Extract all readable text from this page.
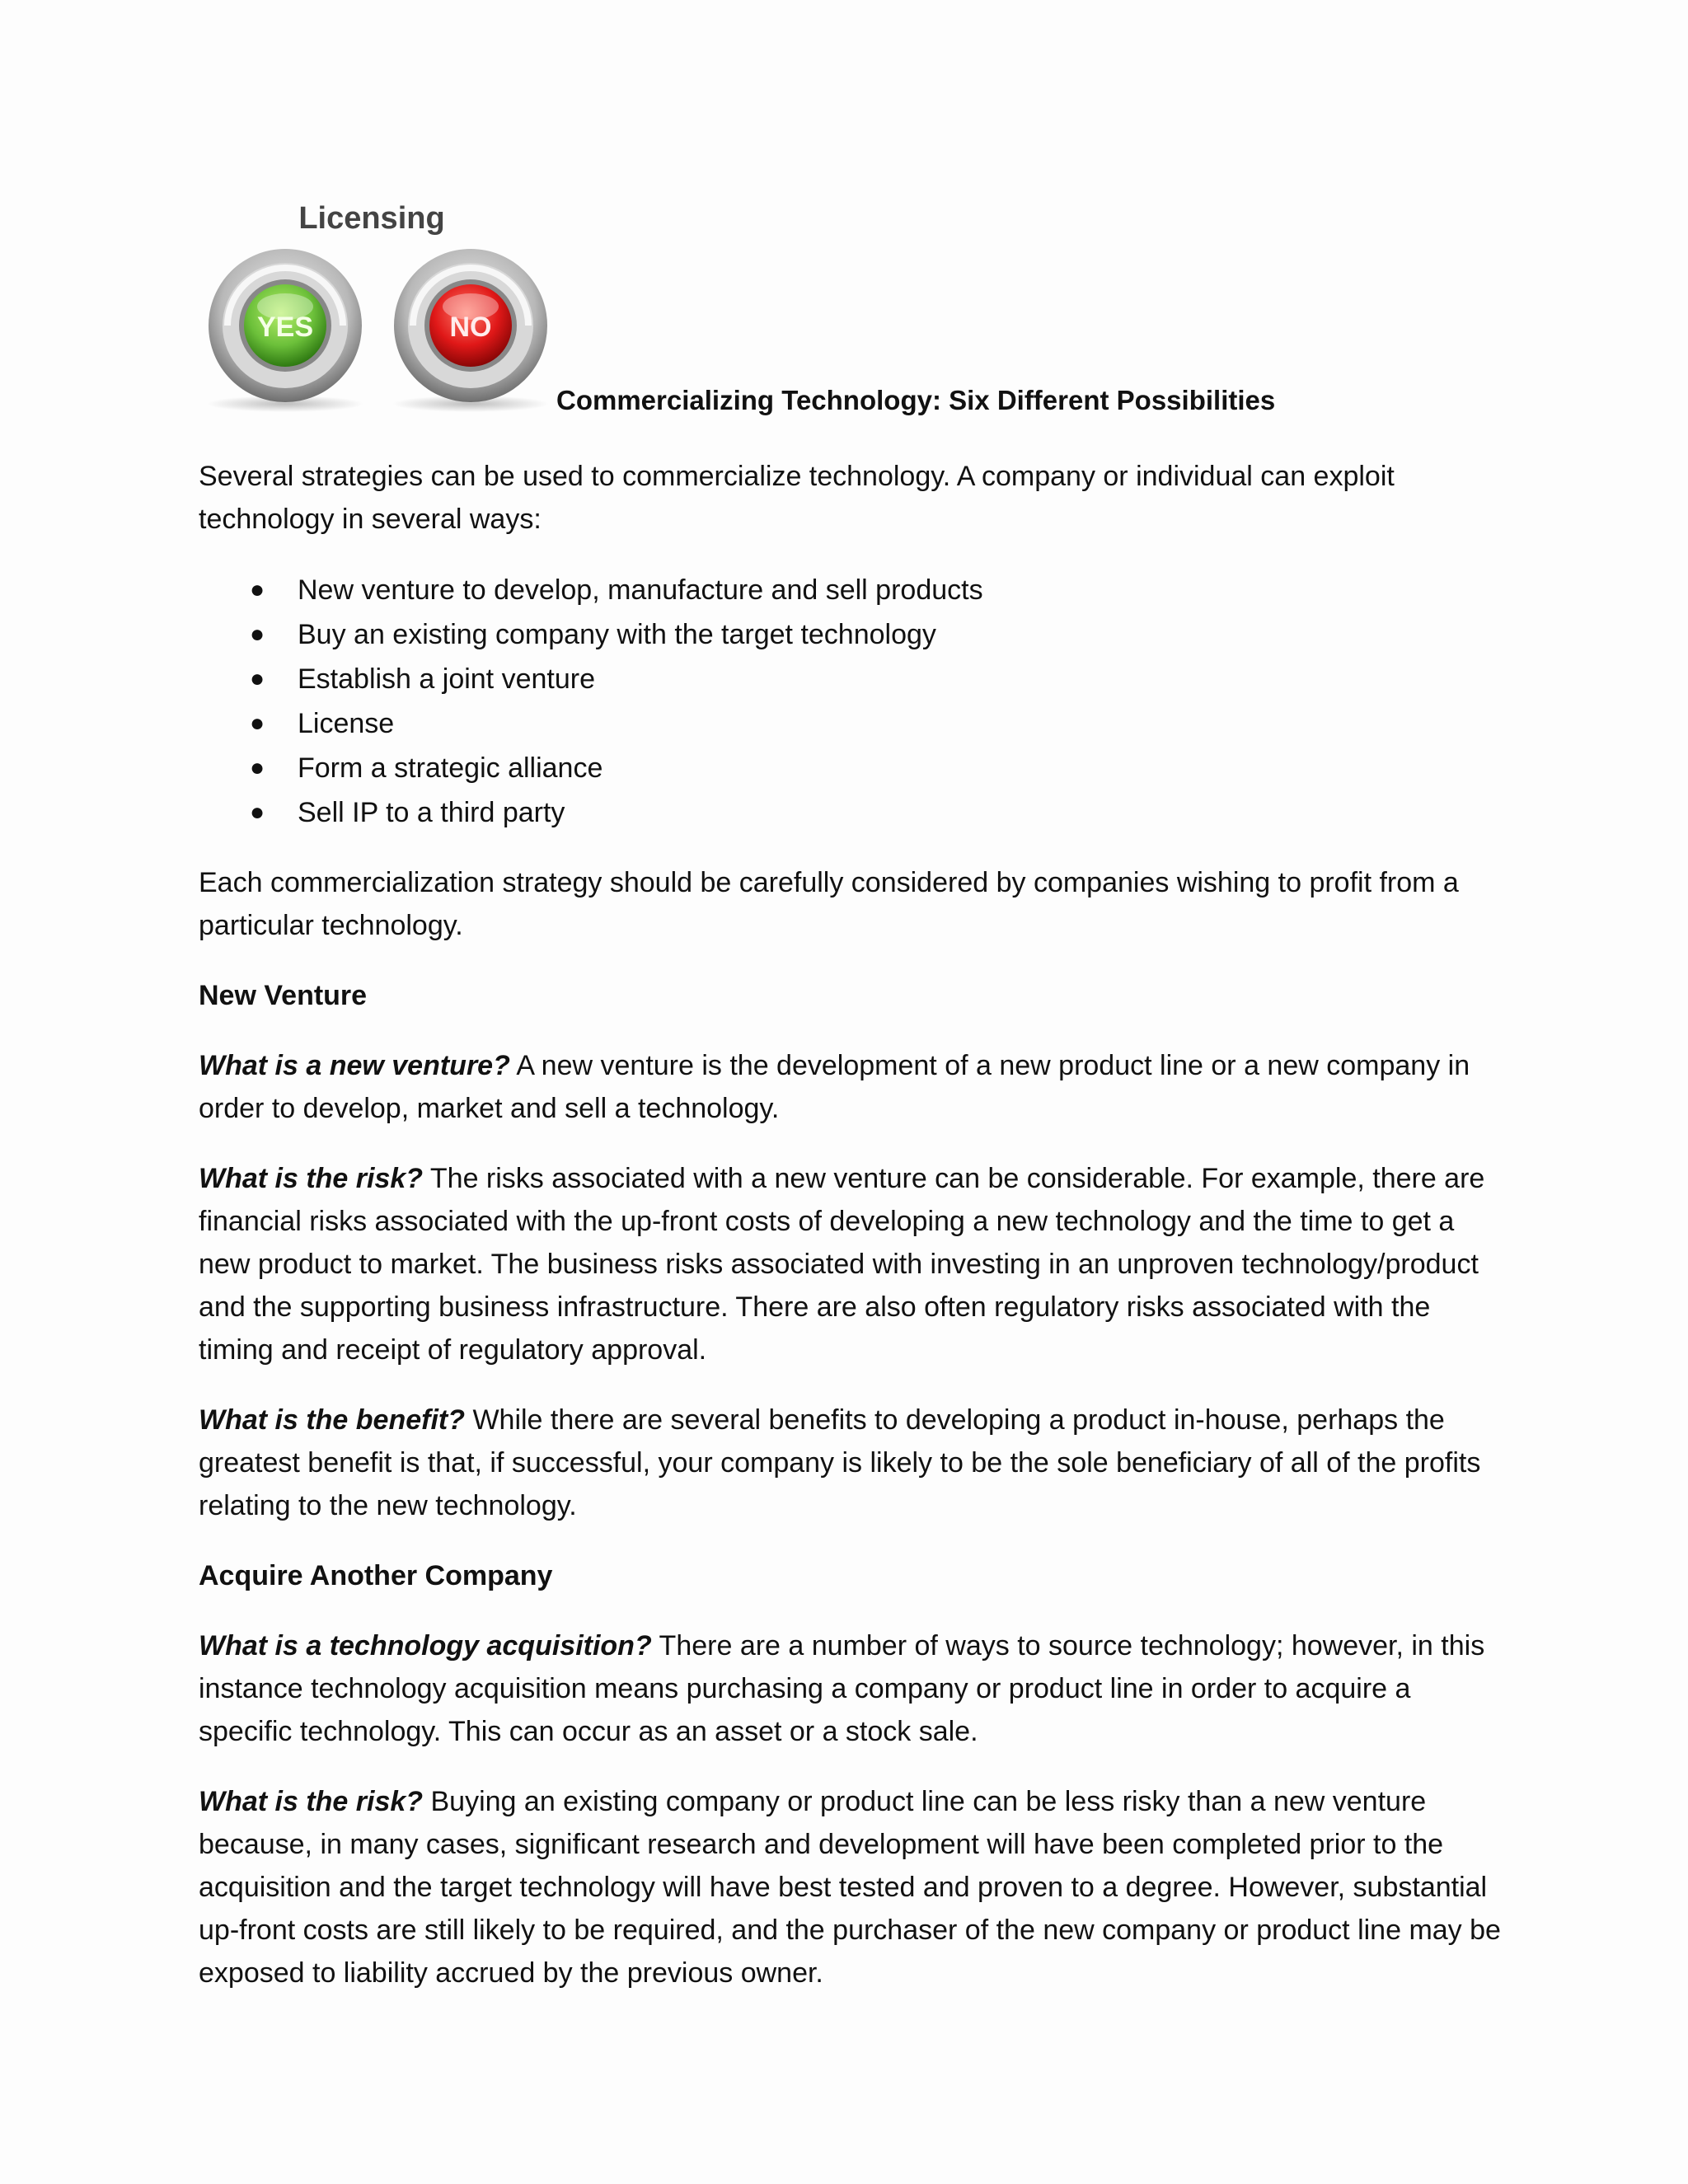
Licensing
YES	NO
Commercializing Technology: Six Different Possibilities

Several strategies can be used to commercialize technology. A company or individual can exploit technology in several ways:

● New venture to develop, manufacture and sell products
● Buy an existing company with the target technology
● Establish a joint venture
● License
● Form a strategic alliance
● Sell IP to a third party

Each commercialization strategy should be carefully considered by companies wishing to profit from a particular technology.

New Venture

What is a new venture? A new venture is the development of a new product line or a new company in order to develop, market and sell a technology.

What is the risk? The risks associated with a new venture can be considerable. For example, there are financial risks associated with the up-front costs of developing a new technology and the time to get a new product to market. The business risks associated with investing in an unproven technology/product and the supporting business infrastructure. There are also often regulatory risks associated with the timing and receipt of regulatory approval.

What is the benefit? While there are several benefits to developing a product in-house, perhaps the greatest benefit is that, if successful, your company is likely to be the sole beneficiary of all of the profits relating to the new technology.

Acquire Another Company

What is a technology acquisition? There are a number of ways to source technology; however, in this instance technology acquisition means purchasing a company or product line in order to acquire a specific technology. This can occur as an asset or a stock sale.

What is the risk? Buying an existing company or product line can be less risky than a new venture because, in many cases, significant research and development will have been completed prior to the acquisition and the target technology will have best tested and proven to a degree. However, substantial up-front costs are still likely to be required, and the purchaser of the new company or product line may be exposed to liability accrued by the previous owner.
